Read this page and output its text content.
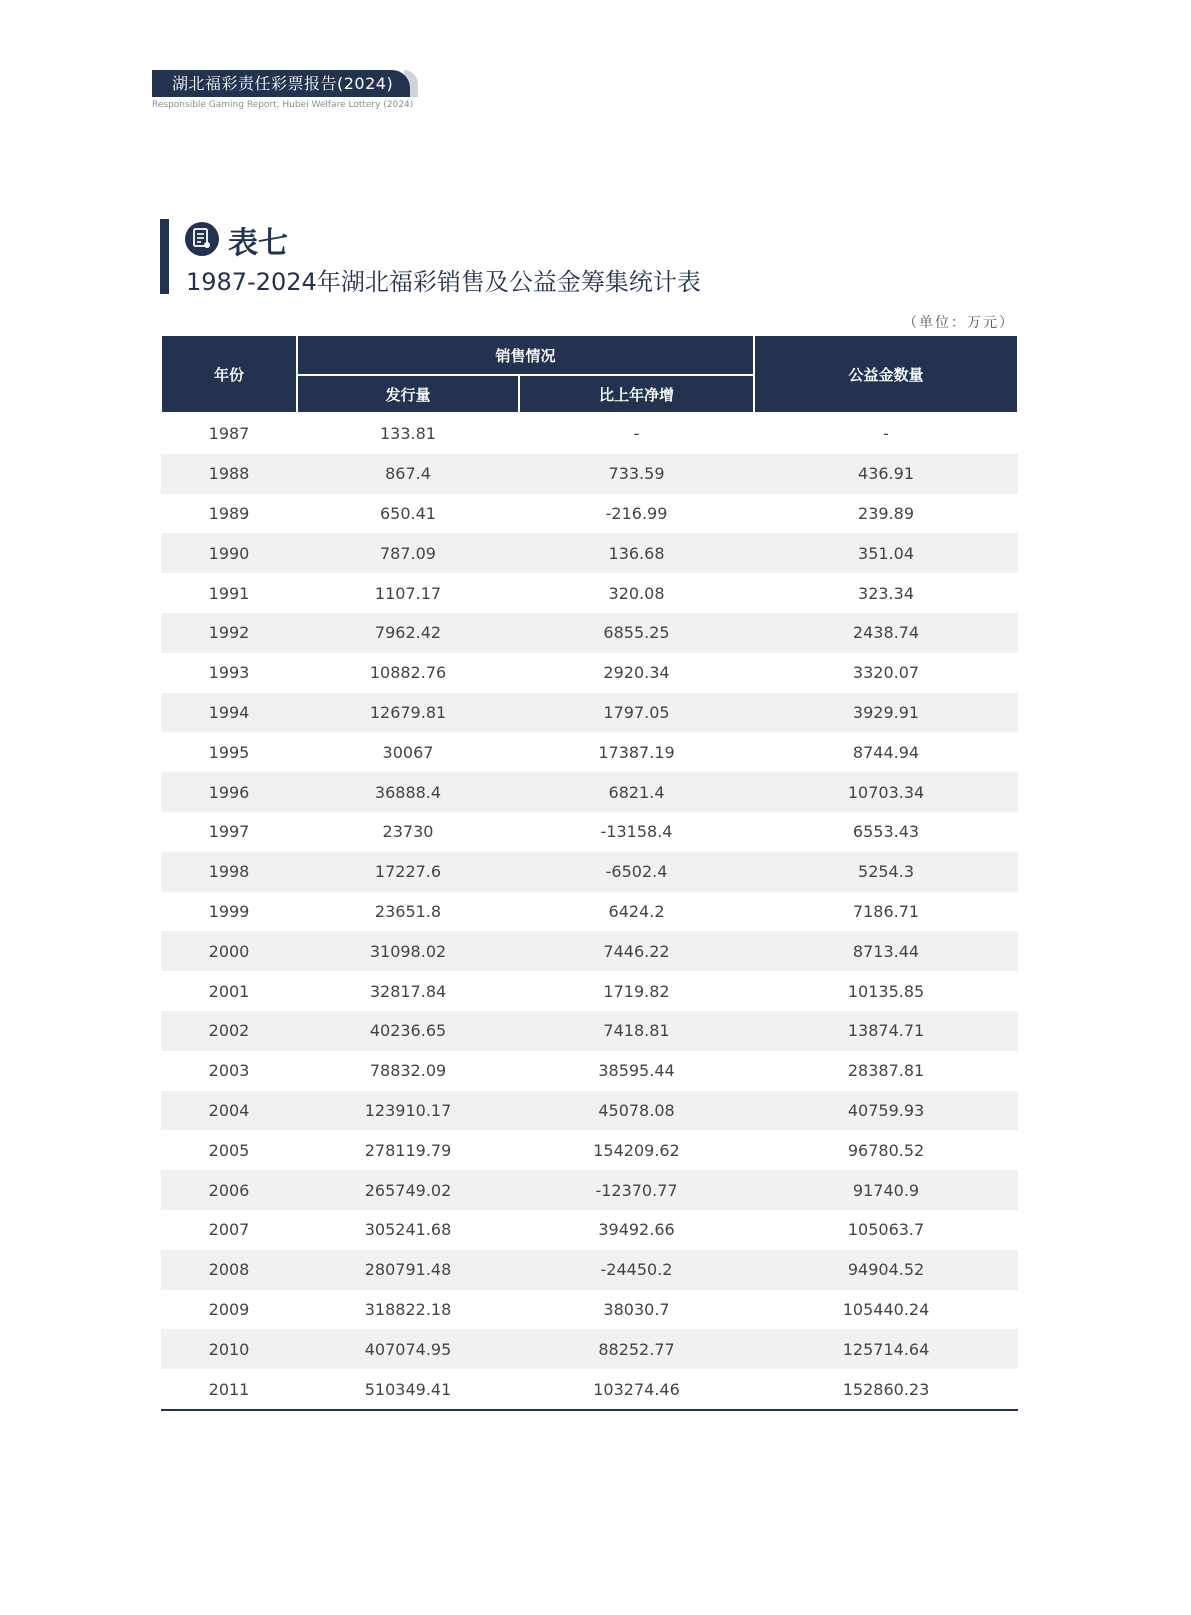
湖北福彩责任彩票报告(2024)
Responsible Gaming Report, Hubei Welfare Lottery (2024)
表七
1987-2024年湖北福彩销售及公益金筹集统计表
（单位：万元）
年份	销售情况		公益金数量
	发行量	比上年净增	
1987	133.81	-	-
1988	867.4	733.59	436.91
1989	650.41	-216.99	239.89
1990	787.09	136.68	351.04
1991	1107.17	320.08	323.34
1992	7962.42	6855.25	2438.74
1993	10882.76	2920.34	3320.07
1994	12679.81	1797.05	3929.91
1995	30067	17387.19	8744.94
1996	36888.4	6821.4	10703.34
1997	23730	-13158.4	6553.43
1998	17227.6	-6502.4	5254.3
1999	23651.8	6424.2	7186.71
2000	31098.02	7446.22	8713.44
2001	32817.84	1719.82	10135.85
2002	40236.65	7418.81	13874.71
2003	78832.09	38595.44	28387.81
2004	123910.17	45078.08	40759.93
2005	278119.79	154209.62	96780.52
2006	265749.02	-12370.77	91740.9
2007	305241.68	39492.66	105063.7
2008	280791.48	-24450.2	94904.52
2009	318822.18	38030.7	105440.24
2010	407074.95	88252.77	125714.64
2011	510349.41	103274.46	152860.23
